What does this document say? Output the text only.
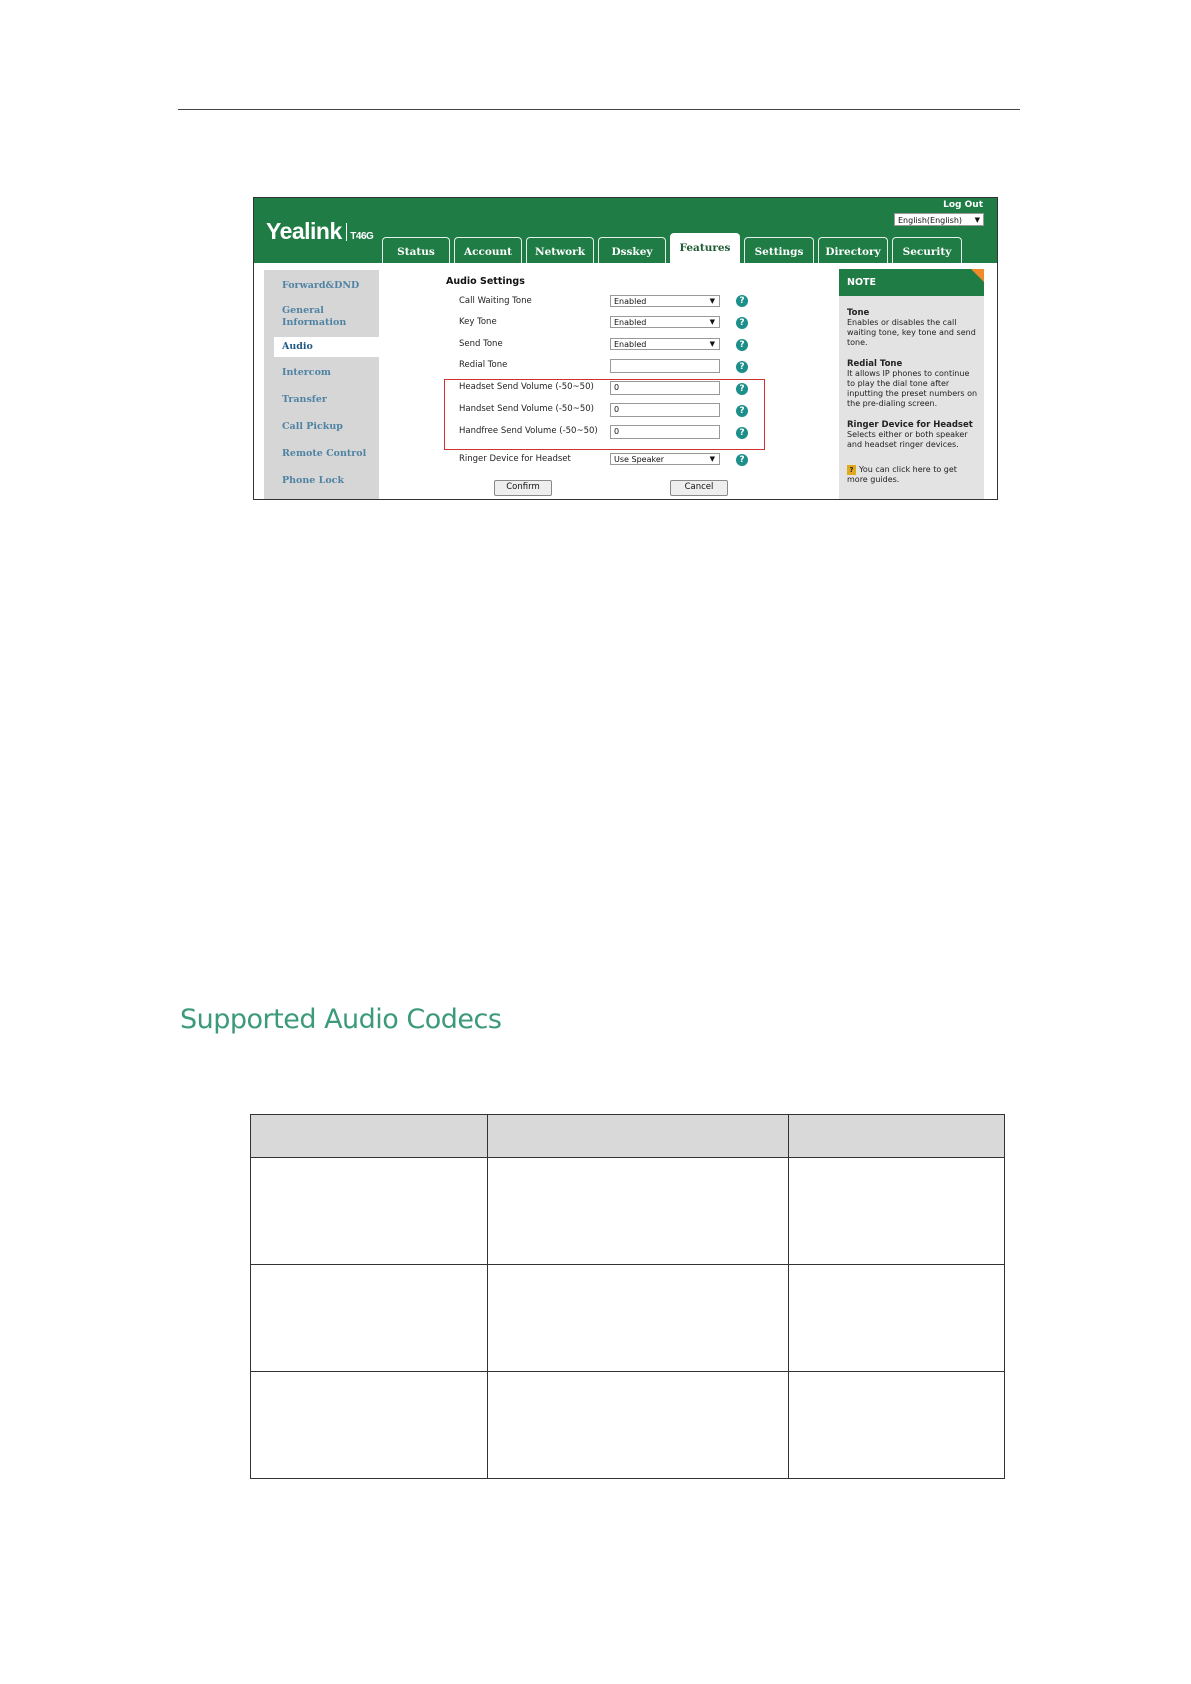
Yealink T46G
Log Out
English(English) ▼
Status	Account	Network	Dsskey	Features	Settings	Directory	Security
Forward&DND
General Information
Audio
Intercom
Transfer
Call Pickup
Remote Control
Phone Lock
Audio Settings
Call Waiting Tone	Enabled	▼	?
Key Tone	Enabled	▼	?
Send Tone	Enabled	▼	?
Redial Tone	?
Headset Send Volume (-50~50)	0	?
Handset Send Volume (-50~50)	0	?
Handfree Send Volume (-50~50)	0	?
Ringer Device for Headset	Use Speaker	▼	?
Confirm	Cancel
NOTE
Tone
Enables or disables the call waiting tone, key tone and send tone.
Redial Tone
It allows IP phones to continue to play the dial tone after inputting the preset numbers on the pre-dialing screen.
Ringer Device for Headset
Selects either or both speaker and headset ringer devices.
? You can click here to get more guides.
Supported Audio Codecs
